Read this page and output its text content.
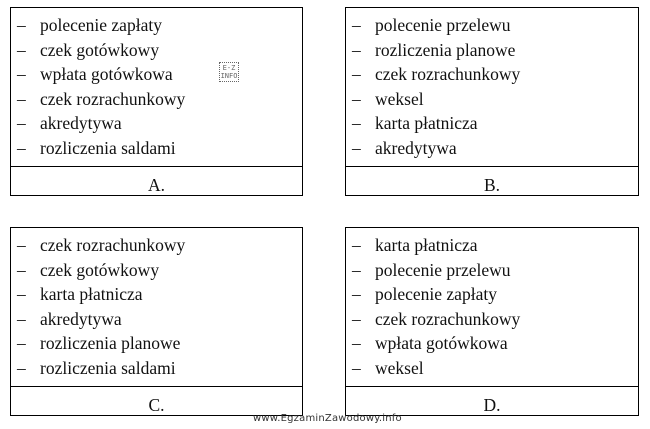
– polecenie zapłaty
– czek gotówkowy
– wpłata gotówkowa
– czek rozrachunkowy
– akredytywa
– rozliczenia saldami
A.
E-Z
INFO
– polecenie przelewu
– rozliczenia planowe
– czek rozrachunkowy
– weksel
– karta płatnicza
– akredytywa
B.
– czek rozrachunkowy
– czek gotówkowy
– karta płatnicza
– akredytywa
– rozliczenia planowe
– rozliczenia saldami
C.
– karta płatnicza
– polecenie przelewu
– polecenie zapłaty
– czek rozrachunkowy
– wpłata gotówkowa
– weksel
D.
www.EgzaminZawodowy.info
